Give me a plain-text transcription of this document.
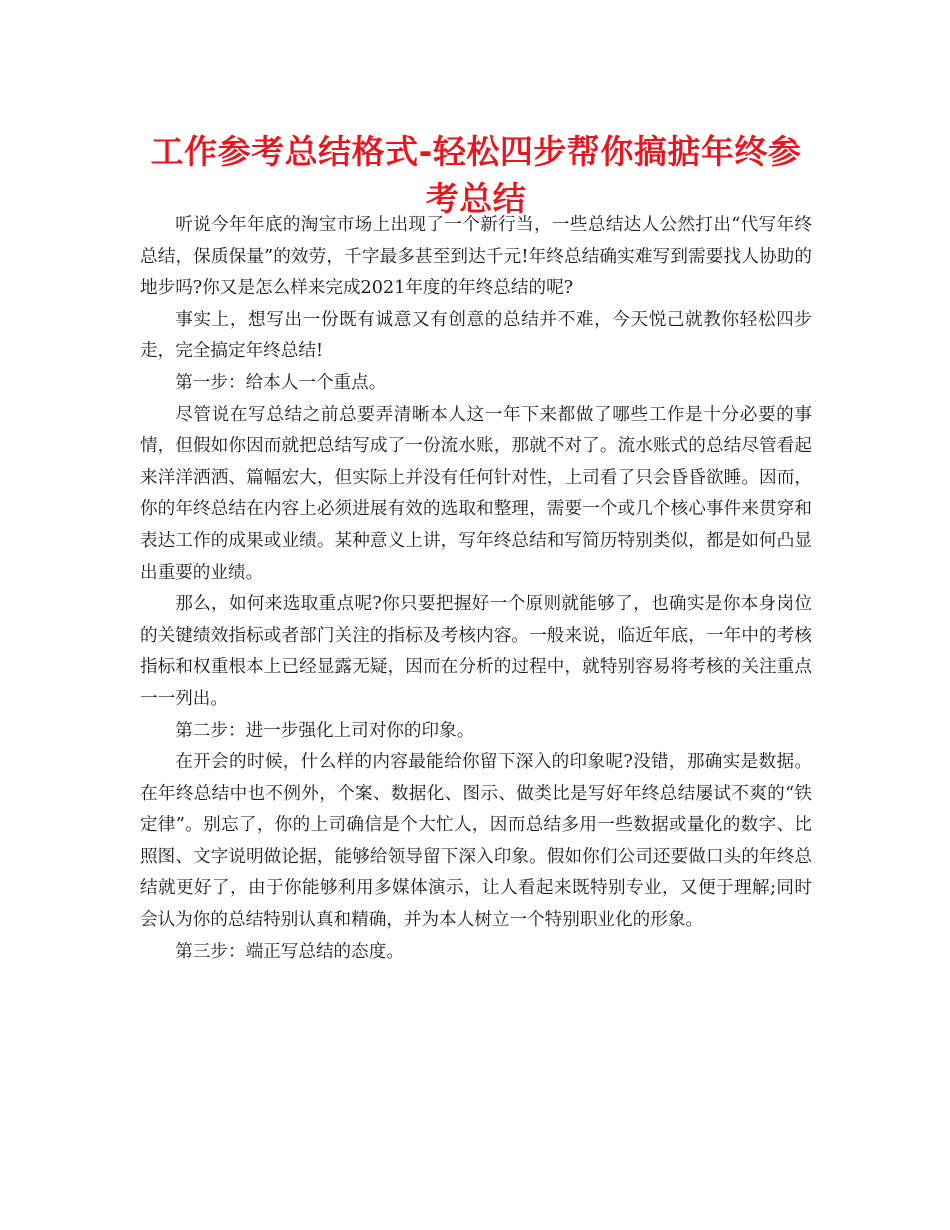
工作参考总结格式-轻松四步帮你搞掂年终参考总结

听说今年年底的淘宝市场上出现了一个新行当，一些总结达人公然打出“代写年终总结，保质保量”的效劳，千字最多甚至到达千元!年终总结确实难写到需要找人协助的地步吗?你又是怎么样来完成2021年度的年终总结的呢?

事实上，想写出一份既有诚意又有创意的总结并不难，今天悦己就教你轻松四步走，完全搞定年终总结!

第一步：给本人一个重点。

尽管说在写总结之前总要弄清晰本人这一年下来都做了哪些工作是十分必要的事情，但假如你因而就把总结写成了一份流水账，那就不对了。流水账式的总结尽管看起来洋洋洒洒、篇幅宏大，但实际上并没有任何针对性，上司看了只会昏昏欲睡。因而，你的年终总结在内容上必须进展有效的选取和整理，需要一个或几个核心事件来贯穿和表达工作的成果或业绩。某种意义上讲，写年终总结和写简历特别类似，都是如何凸显出重要的业绩。

那么，如何来选取重点呢?你只要把握好一个原则就能够了，也确实是你本身岗位的关键绩效指标或者部门关注的指标及考核内容。一般来说，临近年底，一年中的考核指标和权重根本上已经显露无疑，因而在分析的过程中，就特别容易将考核的关注重点一一列出。

第二步：进一步强化上司对你的印象。

在开会的时候，什么样的内容最能给你留下深入的印象呢?没错，那确实是数据。在年终总结中也不例外，个案、数据化、图示、做类比是写好年终总结屡试不爽的“铁定律”。别忘了，你的上司确信是个大忙人，因而总结多用一些数据或量化的数字、比照图、文字说明做论据，能够给领导留下深入印象。假如你们公司还要做口头的年终总结就更好了，由于你能够利用多媒体演示，让人看起来既特别专业，又便于理解;同时会认为你的总结特别认真和精确，并为本人树立一个特别职业化的形象。

第三步：端正写总结的态度。
